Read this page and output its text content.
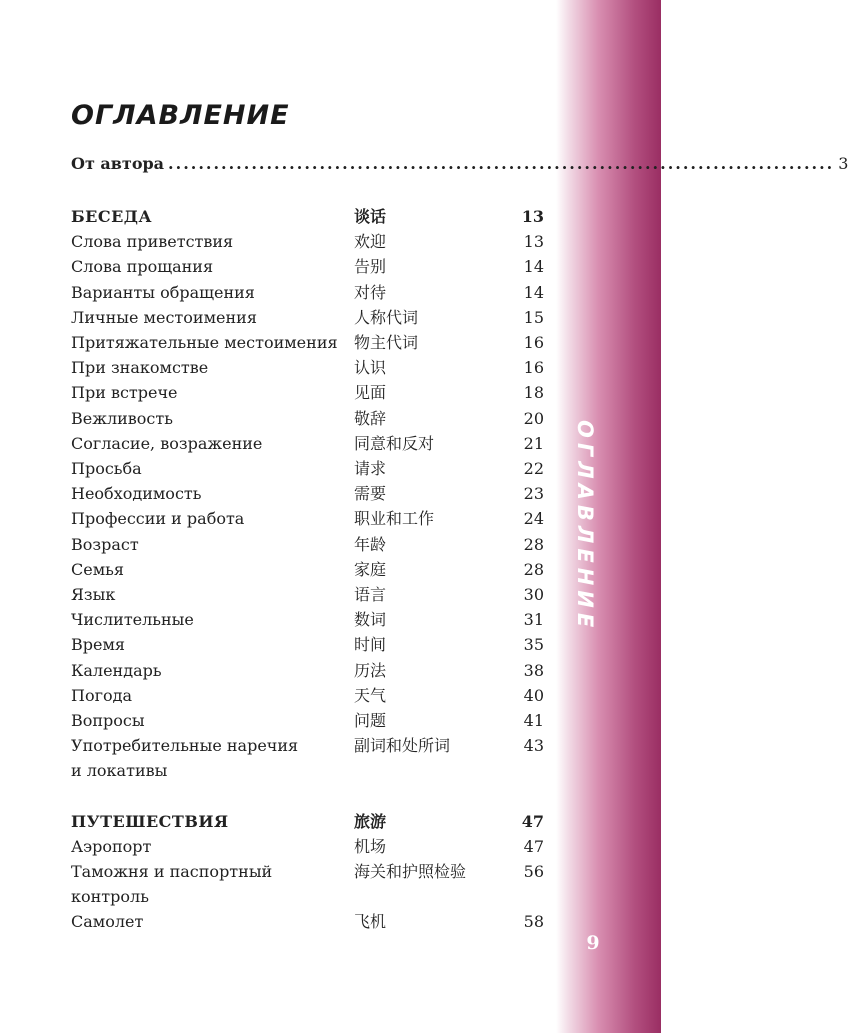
ОГЛАВЛЕНИЕ
9
ОГЛАВЛЕНИЕ
От автора ........................................................................................ 3
БЕСЕДА	谈话	13
Слова приветствия	欢迎	13
Слова прощания	告别	14
Варианты обращения	对待	14
Личные местоимения	人称代词	15
Притяжательные местоимения	物主代词	16
При знакомстве	认识	16
При встрече	见面	18
Вежливость	敬辞	20
Согласие, возражение	同意和反对	21
Просьба	请求	22
Необходимость	需要	23
Профессии и работа	职业和工作	24
Возраст	年龄	28
Семья	家庭	28
Язык	语言	30
Числительные	数词	31
Время	时间	35
Календарь	历法	38
Погода	天气	40
Вопросы	问题	41
Употребительные наречия	副词和处所词	43
и локативы
ПУТЕШЕСТВИЯ	旅游	47
Аэропорт	机场	47
Таможня и паспортный	海关和护照检验	56
контроль
Самолет	飞机	58
